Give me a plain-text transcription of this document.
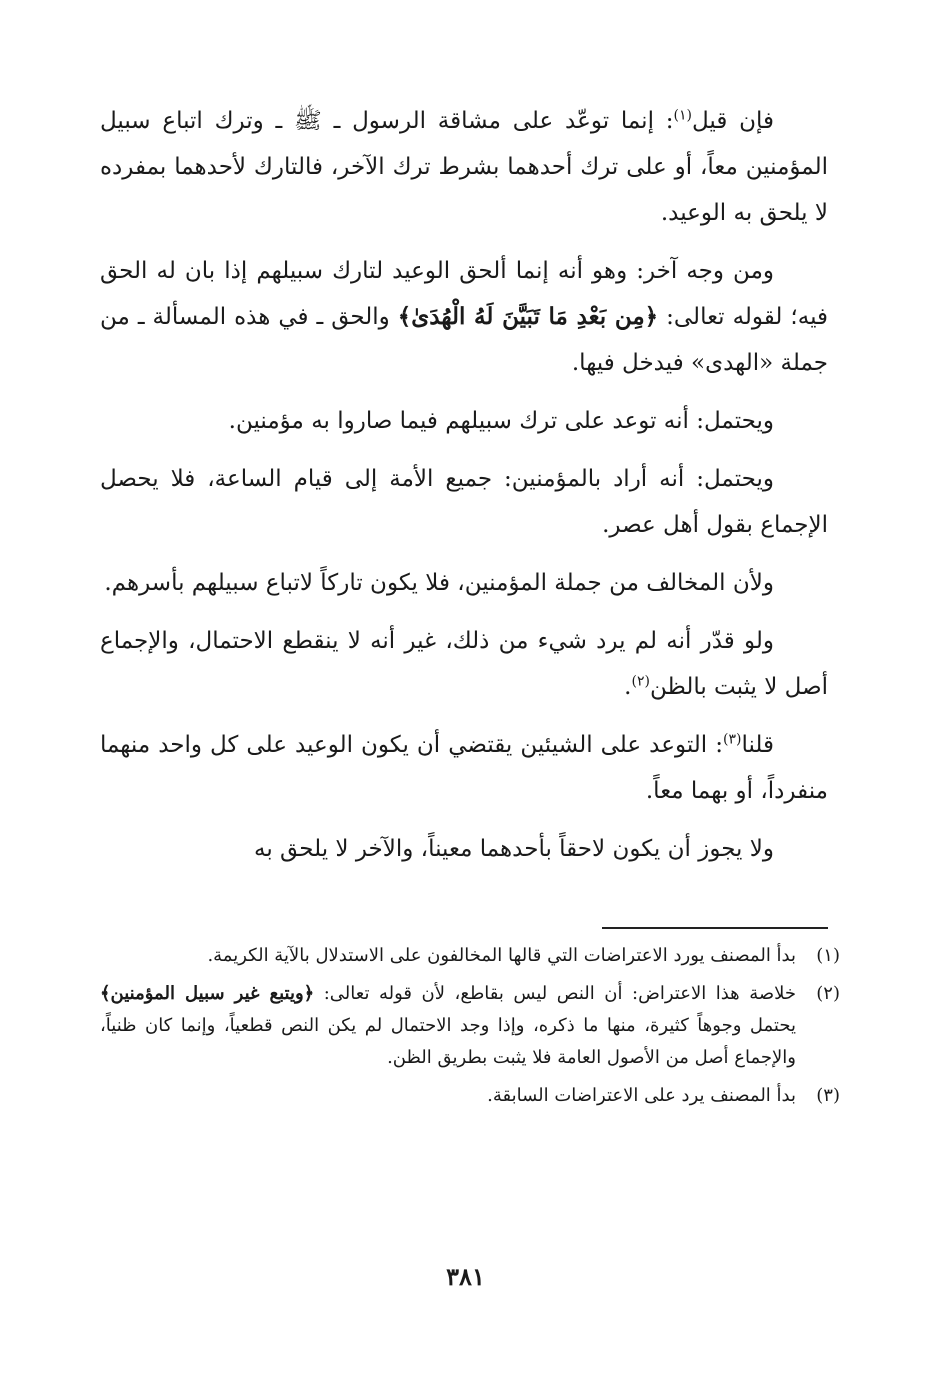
فإن قيل$^{(١)}$: إنما توعّد على مشاقة الرسول ـ ﷺ ـ وترك اتباع سبيل المؤمنين معاً، أو على ترك أحدهما بشرط ترك الآخر، فالتارك لأحدهما بمفرده لا يلحق به الوعيد.

ومن وجه آخر: وهو أنه إنما ألحق الوعيد لتارك سبيلهم إذا بان له الحق فيه؛ لقوله تعالى: ﴿مِن بَعْدِ مَا تَبَيَّنَ لَهُ الْهُدَىٰ﴾ والحق ـ في هذه المسألة ـ من جملة «الهدى» فيدخل فيها.

ويحتمل: أنه توعد على ترك سبيلهم فيما صاروا به مؤمنين.

ويحتمل: أنه أراد بالمؤمنين: جميع الأمة إلى قيام الساعة، فلا يحصل الإجماع بقول أهل عصر.

ولأن المخالف من جملة المؤمنين، فلا يكون تاركاً لاتباع سبيلهم بأسرهم.

ولو قدّر أنه لم يرد شيء من ذلك، غير أنه لا ينقطع الاحتمال، والإجماع أصل لا يثبت بالظن$^{(٢)}$.

قلنا$^{(٣)}$: التوعد على الشيئين يقتضي أن يكون الوعيد على كل واحد منهما منفرداً، أو بهما معاً.

ولا يجوز أن يكون لاحقاً بأحدهما معيناً، والآخر لا يلحق به

(١)
بدأ المصنف يورد الاعتراضات التي قالها المخالفون على الاستدلال بالآية الكريمة.
(٢)
خلاصة هذا الاعتراض: أن النص ليس بقاطع، لأن قوله تعالى: ﴿ويتبع غير سبيل المؤمنين﴾ يحتمل وجوهاً كثيرة، منها ما ذكره، وإذا وجد الاحتمال لم يكن النص قطعياً، وإنما كان ظنياً، والإجماع أصل من الأصول العامة فلا يثبت بطريق الظن.
(٣)
بدأ المصنف يرد على الاعتراضات السابقة.
٣٨١
